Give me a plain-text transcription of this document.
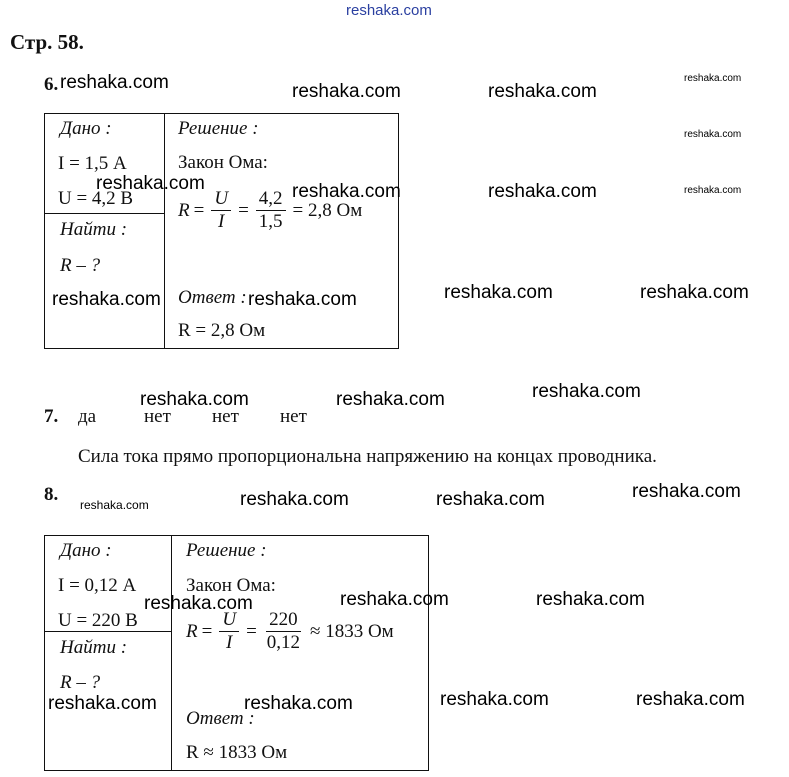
reshaka.com
Стр. 58.
6. reshaka.com
Дано :
I = 1,5 А
U = 4,2 В
Найти :
R – ?
Решение :
Закон Ома:
$R = \frac{U}{I} = \frac{4,2}{1,5} = 2,8$ Ом
Ответ :
R = 2,8 Ом
reshaka.com	reshaka.com
reshaka.com
reshaka.com
reshaka.com
reshaka.com	reshaka.com	reshaka.com
reshaka.com	reshaka.com	reshaka.com	reshaka.com
reshaka.com	reshaka.com	reshaka.com
7. да	нет нет нет
Сила тока прямо пропорциональна напряжению на концах проводника.
8. reshaka.com	reshaka.com	reshaka.com	reshaka.com
Дано :
I = 0,12 А
U = 220 В
Найти :
R – ?
Решение :
Закон Ома:
$R = \frac{U}{I} = \frac{220}{0,12} \approx 1833$ Ом
Ответ :
R ≈ 1833 Ом
reshaka.com	reshaka.com	reshaka.com
reshaka.com	reshaka.com	reshaka.com	reshaka.com
